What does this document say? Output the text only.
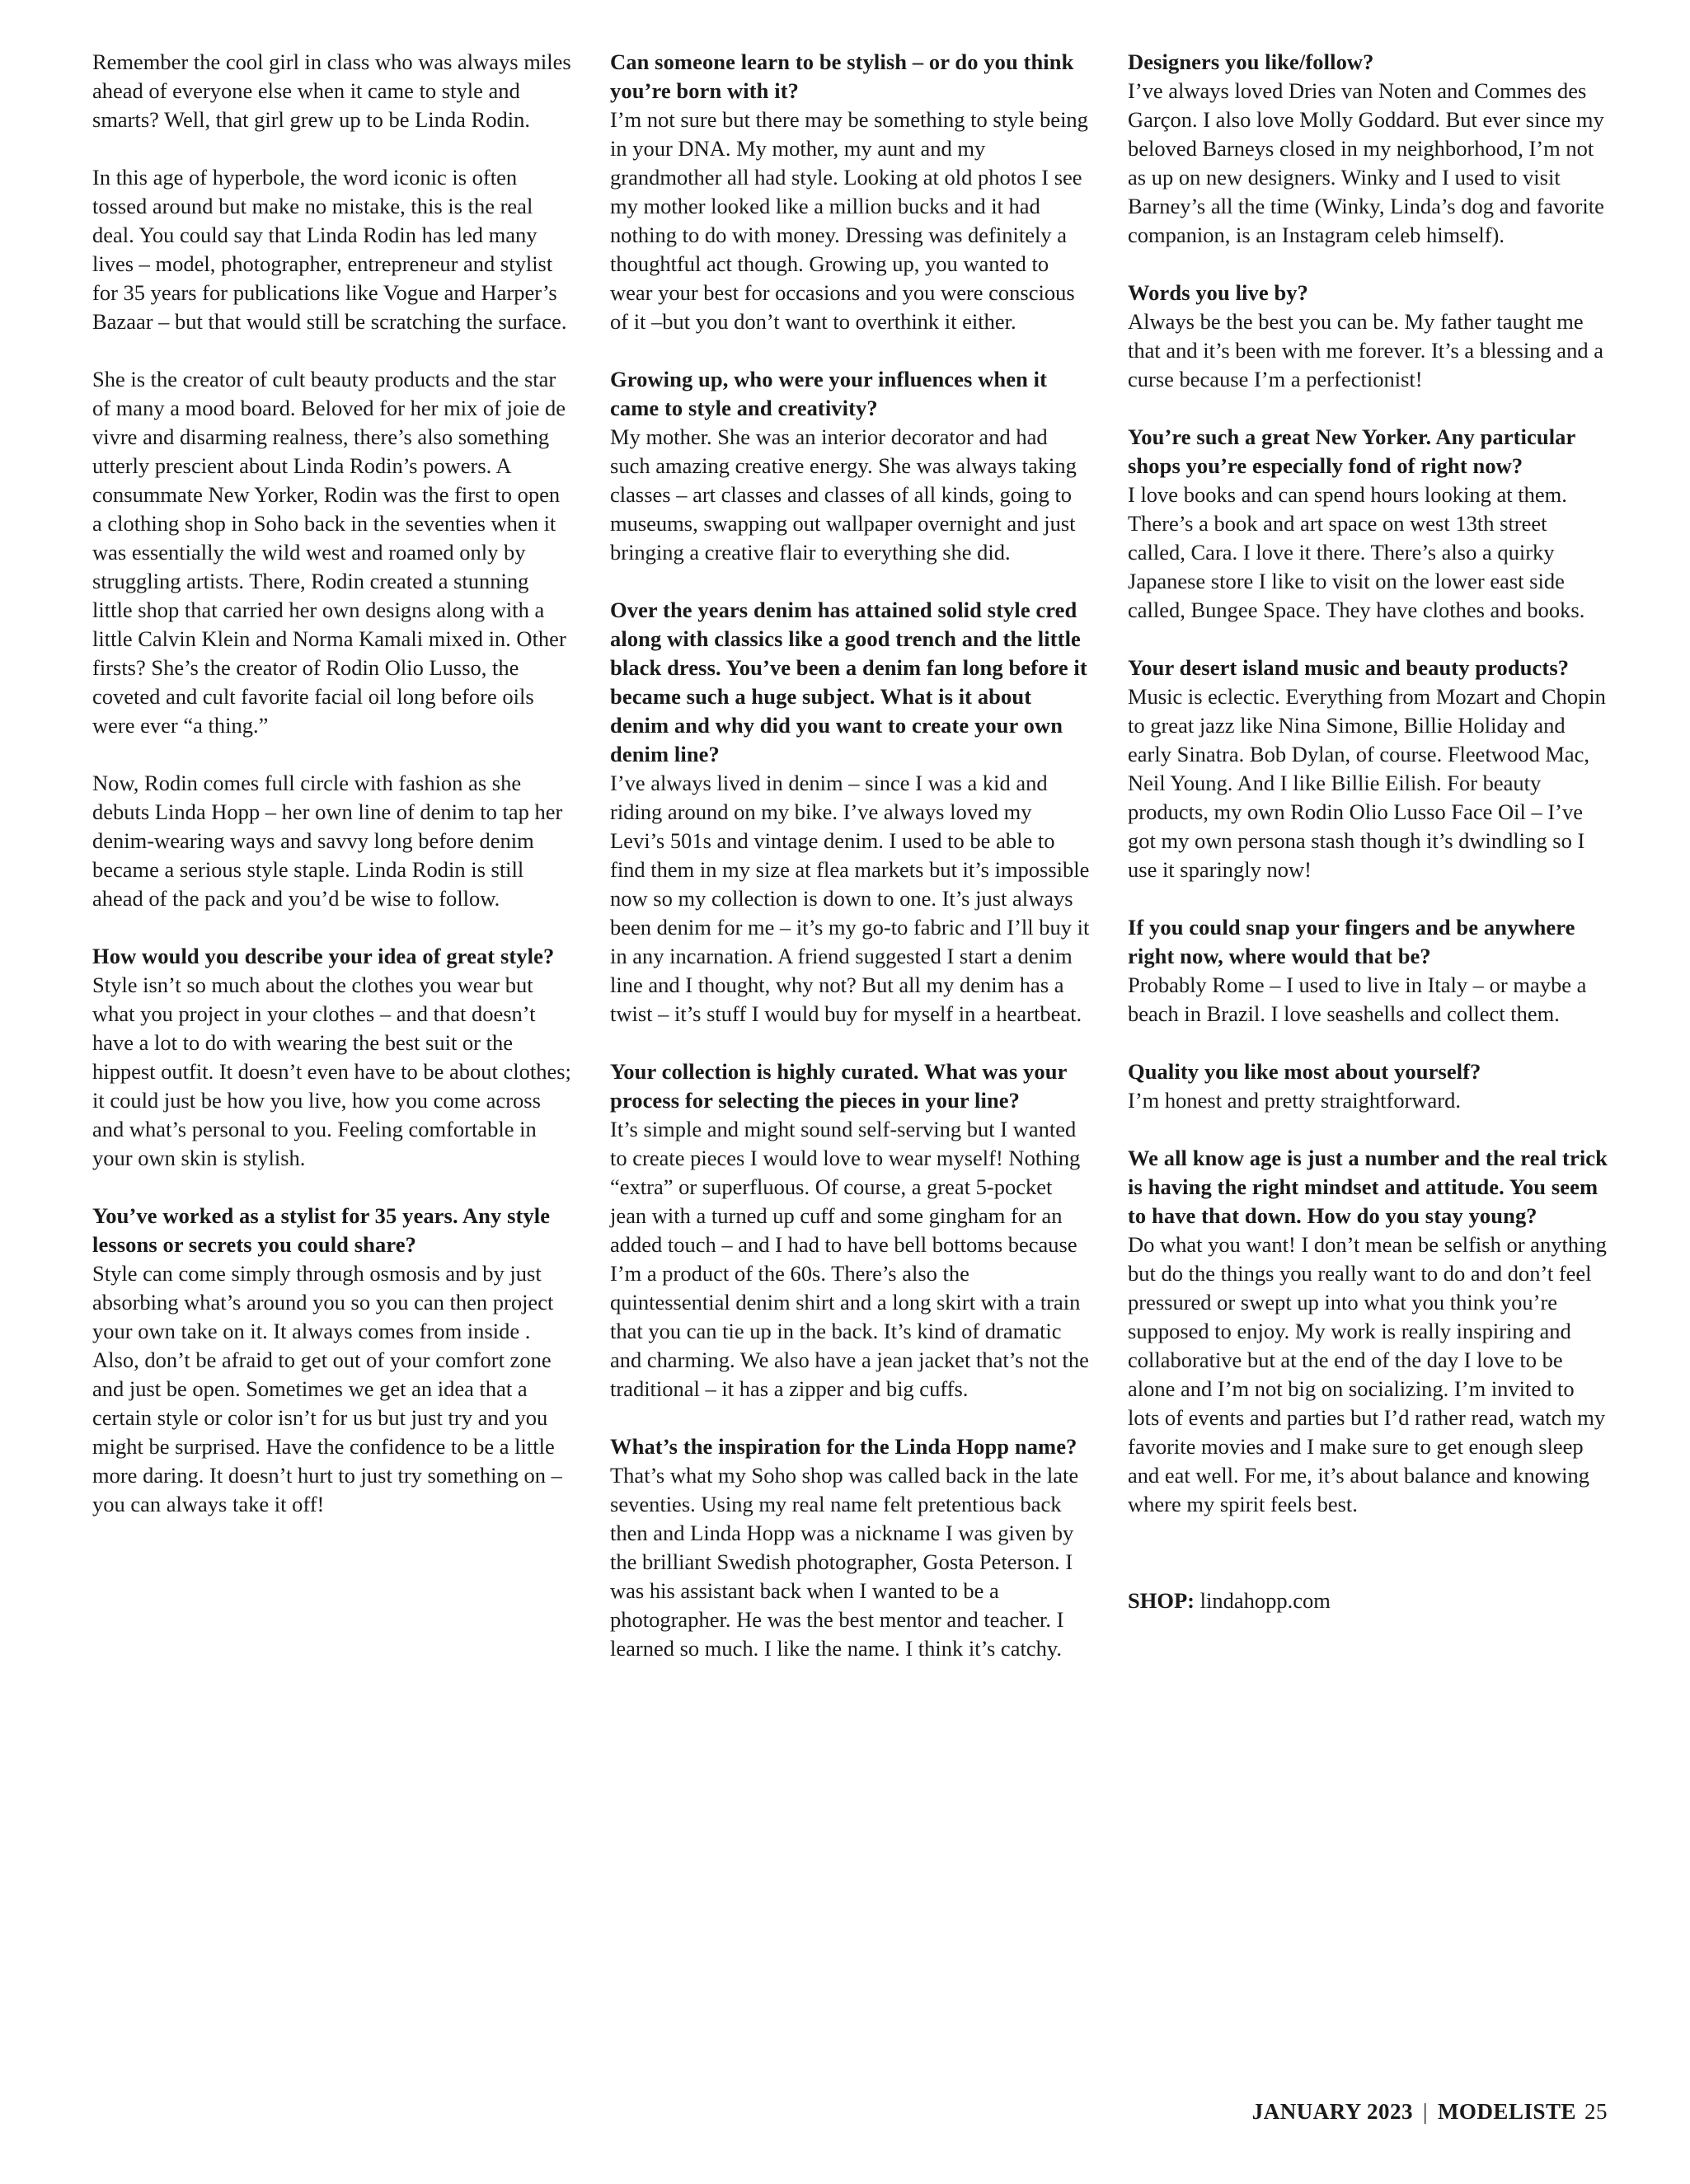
Remember the cool girl in class who was always miles ahead of everyone else when it came to style and smarts? Well, that girl grew up to be Linda Rodin.

In this age of hyperbole, the word iconic is often tossed around but make no mistake, this is the real deal. You could say that Linda Rodin has led many lives – model, photographer, entrepreneur and stylist for 35 years for publications like Vogue and Harper’s Bazaar – but that would still be scratching the surface.

She is the creator of cult beauty products and the star of many a mood board. Beloved for her mix of joie de vivre and disarming realness, there’s also something utterly prescient about Linda Rodin’s powers. A consummate New Yorker, Rodin was the first to open a clothing shop in Soho back in the seventies when it was essentially the wild west and roamed only by struggling artists. There, Rodin created a stunning little shop that carried her own designs along with a little Calvin Klein and Norma Kamali mixed in. Other firsts? She’s the creator of Rodin Olio Lusso, the coveted and cult favorite facial oil long before oils were ever “a thing.”

Now, Rodin comes full circle with fashion as she debuts Linda Hopp – her own line of denim to tap her denim-wearing ways and savvy long before denim became a serious style staple. Linda Rodin is still ahead of the pack and you’d be wise to follow.

How would you describe your idea of great style?

Style isn’t so much about the clothes you wear but what you project in your clothes – and that doesn’t have a lot to do with wearing the best suit or the hippest outfit. It doesn’t even have to be about clothes; it could just be how you live, how you come across and what’s personal to you. Feeling comfortable in your own skin is stylish.

You’ve worked as a stylist for 35 years. Any style lessons or secrets you could share?

Style can come simply through osmosis and by just absorbing what’s around you so you can then project your own take on it. It always comes from inside . Also, don’t be afraid to get out of your comfort zone and just be open. Sometimes we get an idea that a certain style or color isn’t for us but just try and you might be surprised. Have the confidence to be a little more daring. It doesn’t hurt to just try something on – you can always take it off!

Can someone learn to be stylish – or do you think you’re born with it?

I’m not sure but there may be something to style being in your DNA. My mother, my aunt and my grandmother all had style. Looking at old photos I see my mother looked like a million bucks and it had nothing to do with money. Dressing was definitely a thoughtful act though. Growing up, you wanted to wear your best for occasions and you were conscious of it –but you don’t want to overthink it either.

Growing up, who were your influences when it came to style and creativity?

My mother. She was an interior decorator and had such amazing creative energy. She was always taking classes – art classes and classes of all kinds, going to museums, swapping out wallpaper overnight and just bringing a creative flair to everything she did.

Over the years denim has attained solid style cred along with classics like a good trench and the little black dress. You’ve been a denim fan long before it became such a huge subject. What is it about denim and why did you want to create your own denim line?

I’ve always lived in denim – since I was a kid and riding around on my bike. I’ve always loved my Levi’s 501s and vintage denim. I used to be able to find them in my size at flea markets but it’s impossible now so my collection is down to one. It’s just always been denim for me – it’s my go-to fabric and I’ll buy it in any incarnation. A friend suggested I start a denim line and I thought, why not? But all my denim has a twist – it’s stuff I would buy for myself in a heartbeat.

Your collection is highly curated. What was your process for selecting the pieces in your line?

It’s simple and might sound self-serving but I wanted to create pieces I would love to wear myself! Nothing “extra” or superfluous. Of course, a great 5-pocket jean with a turned up cuff and some gingham for an added touch – and I had to have bell bottoms because I’m a product of the 60s. There’s also the quintessential denim shirt and a long skirt with a train that you can tie up in the back. It’s kind of dramatic and charming. We also have a jean jacket that’s not the traditional – it has a zipper and big cuffs.

What’s the inspiration for the Linda Hopp name?

That’s what my Soho shop was called back in the late seventies. Using my real name felt pretentious back then and Linda Hopp was a nickname I was given by the brilliant Swedish photographer, Gosta Peterson. I was his assistant back when I wanted to be a photographer. He was the best mentor and teacher. I learned so much. I like the name. I think it’s catchy.

Designers you like/follow?

I’ve always loved Dries van Noten and Commes des Garçon. I also love Molly Goddard. But ever since my beloved Barneys closed in my neighborhood, I’m not as up on new designers. Winky and I used to visit Barney’s all the time (Winky, Linda’s dog and favorite companion, is an Instagram celeb himself).

Words you live by?

Always be the best you can be. My father taught me that and it’s been with me forever. It’s a blessing and a curse because I’m a perfectionist!

You’re such a great New Yorker. Any particular shops you’re especially fond of right now?

I love books and can spend hours looking at them. There’s a book and art space on west 13th street called, Cara. I love it there. There’s also a quirky Japanese store I like to visit on the lower east side called, Bungee Space. They have clothes and books.

Your desert island music and beauty products?

Music is eclectic. Everything from Mozart and Chopin to great jazz like Nina Simone, Billie Holiday and early Sinatra. Bob Dylan, of course. Fleetwood Mac, Neil Young. And I like Billie Eilish. For beauty products, my own Rodin Olio Lusso Face Oil – I’ve got my own persona stash though it’s dwindling so I use it sparingly now!

If you could snap your fingers and be anywhere right now, where would that be?

Probably Rome – I used to live in Italy – or maybe a beach in Brazil. I love seashells and collect them.

Quality you like most about yourself?

I’m honest and pretty straightforward.

We all know age is just a number and the real trick is having the right mindset and attitude. You seem to have that down. How do you stay young?

Do what you want! I don’t mean be selfish or anything but do the things you really want to do and don’t feel pressured or swept up into what you think you’re supposed to enjoy. My work is really inspiring and collaborative but at the end of the day I love to be alone and I’m not big on socializing. I’m invited to lots of events and parties but I’d rather read, watch my favorite movies and I make sure to get enough sleep and eat well. For me, it’s about balance and knowing where my spirit feels best.

SHOP: lindahopp.com

JANUARY 2023 | MODELISTE 25
